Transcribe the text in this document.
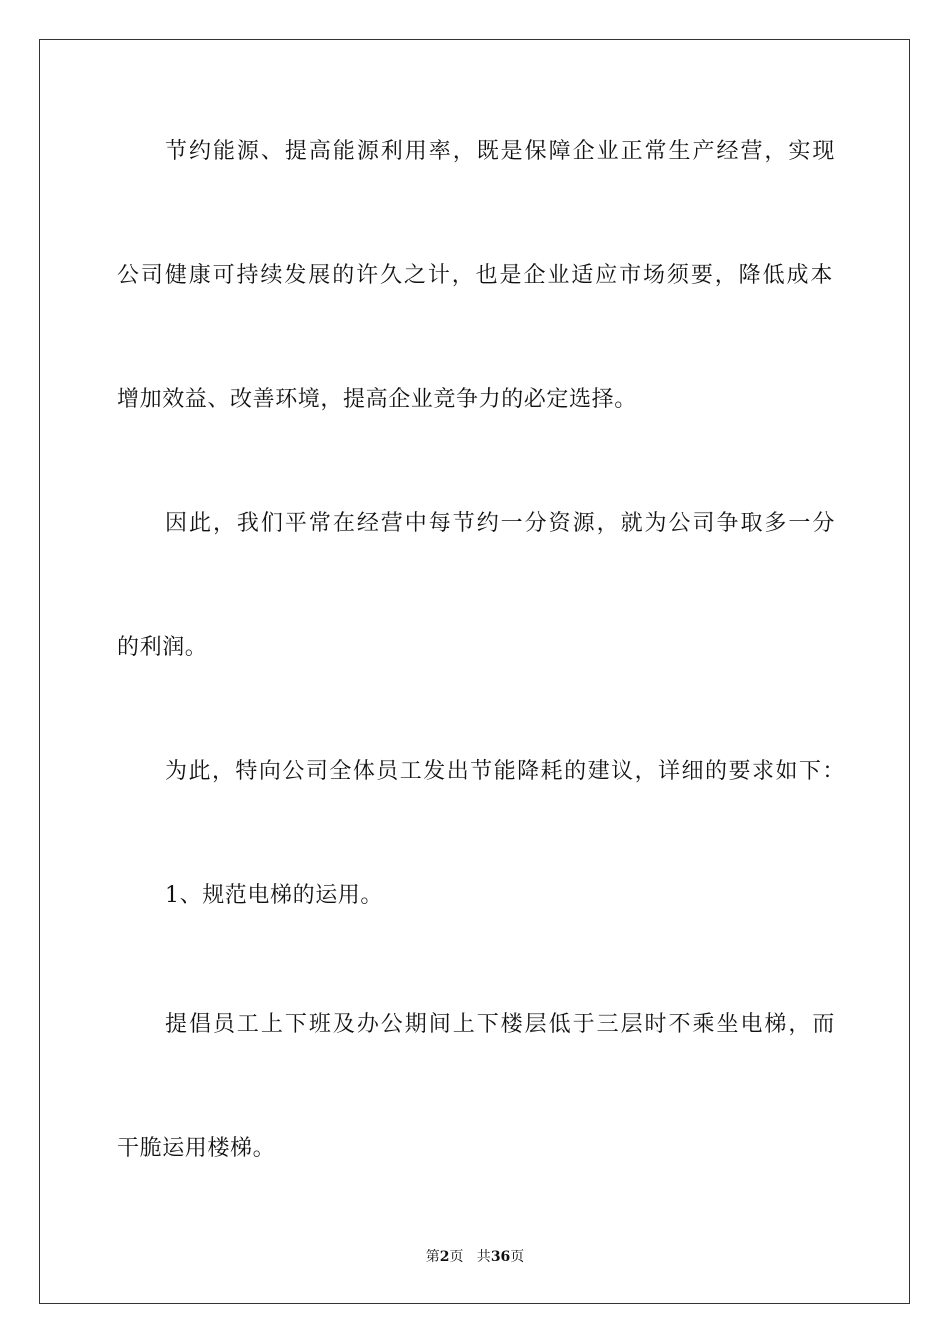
节约能源、提高能源利用率，既是保障企业正常生产经营，实现
公司健康可持续发展的许久之计，也是企业适应市场须要，降低成本
增加效益、改善环境，提高企业竞争力的必定选择。
因此，我们平常在经营中每节约一分资源，就为公司争取多一分
的利润。
为此，特向公司全体员工发出节能降耗的建议，详细的要求如下：
1、规范电梯的运用。
提倡员工上下班及办公期间上下楼层低于三层时不乘坐电梯，而
干脆运用楼梯。
第2页   共36页
